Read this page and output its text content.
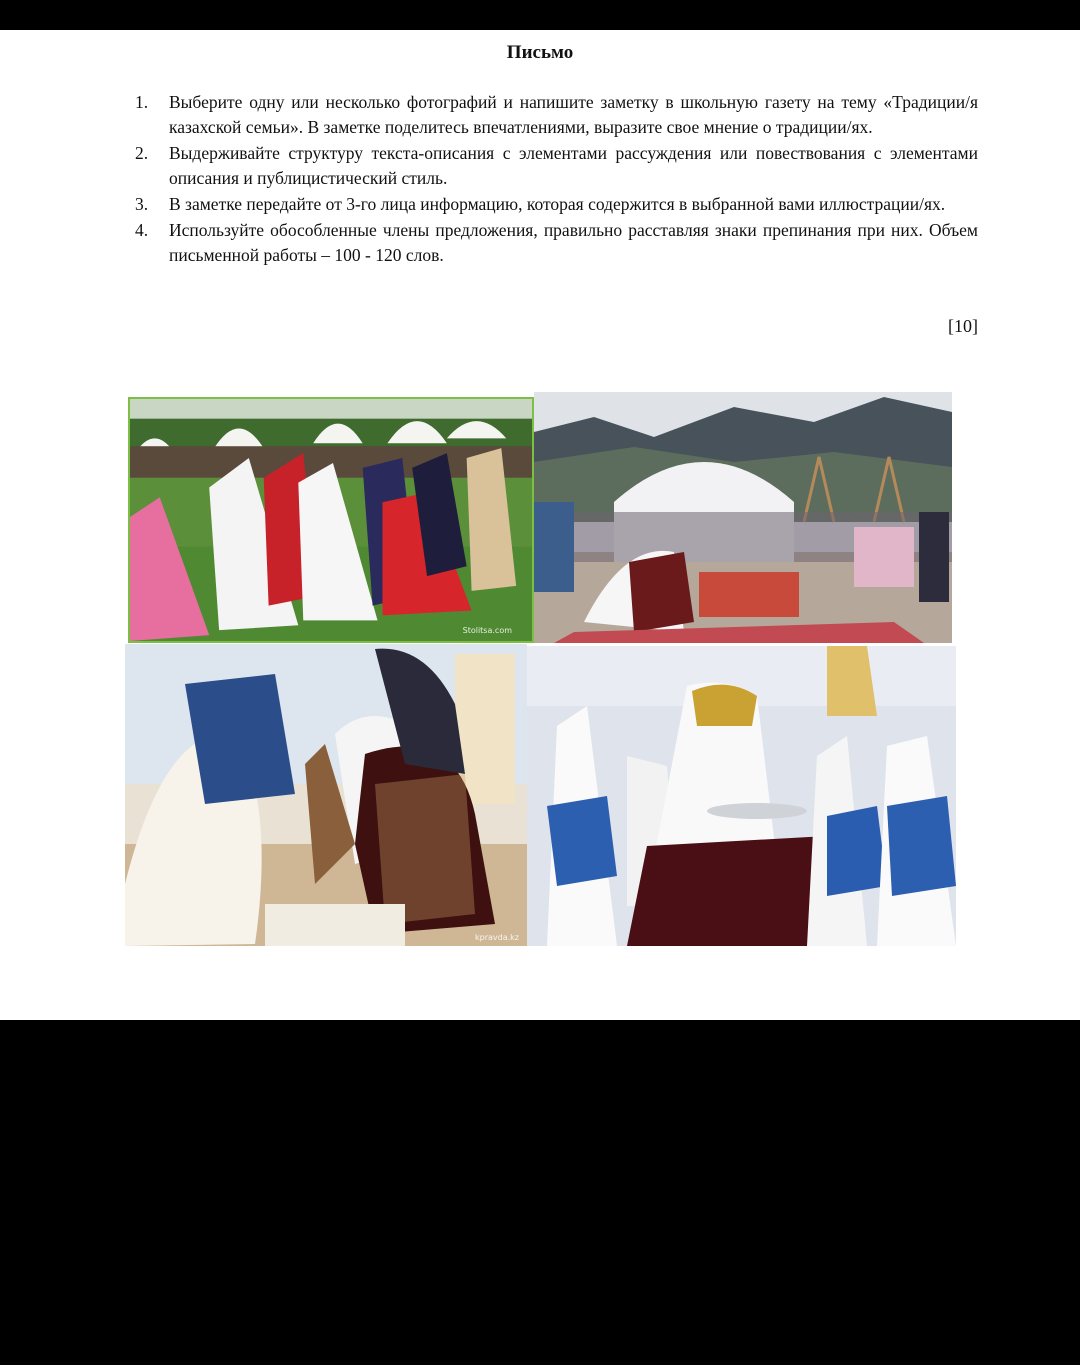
Письмо
1. Выберите одну или несколько фотографий и напишите заметку в школьную газету на тему «Традиции/я казахской семьи». В заметке поделитесь впечатлениями, выразите свое мнение о традиции/ях.
2. Выдерживайте структуру текста-описания с элементами рассуждения или повествования с элементами описания и публицистический стиль.
3. В заметке передайте от 3-го лица информацию, которая содержится в выбранной вами иллюстрации/ях.
4. Используйте обособленные члены предложения, правильно расставляя знаки препинания при них. Объем письменной работы – 100 - 120 слов.
[10]
Stolitsa.com
kpravda.kz
